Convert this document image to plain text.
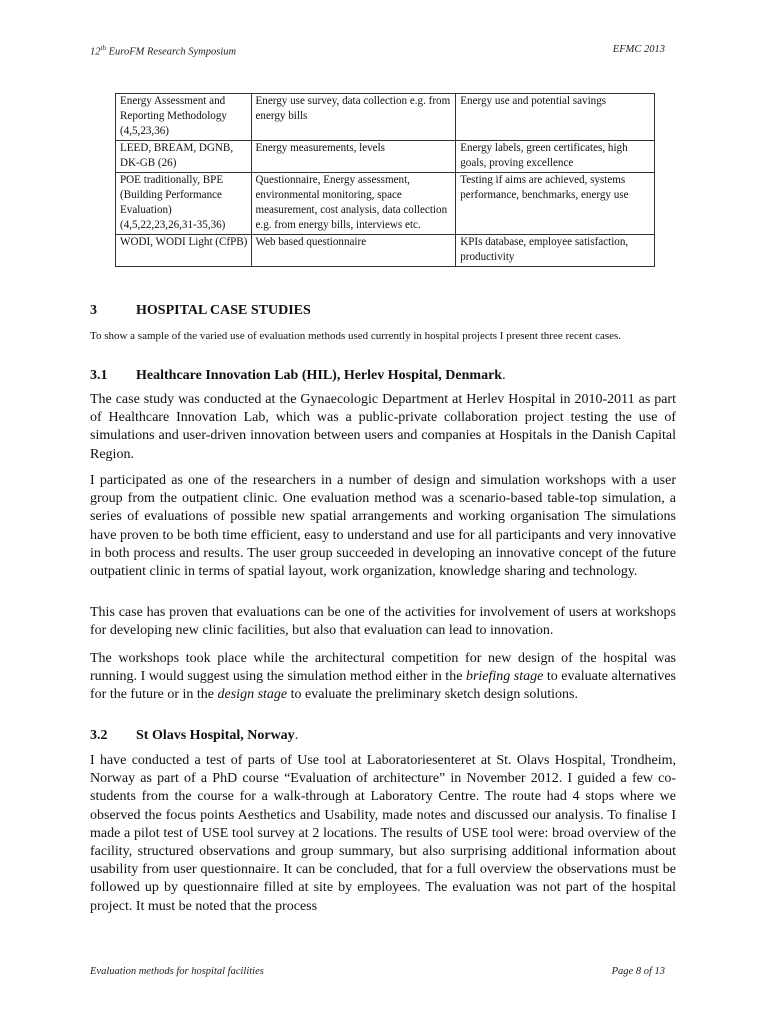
12th EuroFM Research Symposium	EFMC 2013
Energy Assessment and Reporting Methodology (4,5,23,36)	Energy use survey, data collection e.g. from energy bills	Energy use and potential savings
LEED, BREAM, DGNB, DK-GB (26)	Energy measurements, levels	Energy labels, green certificates, high goals, proving excellence
POE traditionally, BPE (Building Performance Evaluation) (4,5,22,23,26,31-35,36)	Questionnaire, Energy assessment, environmental monitoring, space measurement, cost analysis, data collection e.g. from energy bills, interviews etc.	Testing if aims are achieved, systems performance, benchmarks, energy use
WODI, WODI Light (CfPB)	Web based questionnaire	KPIs database, employee satisfaction, productivity
3	HOSPITAL CASE STUDIES
To show a sample of the varied use of evaluation methods used currently in hospital projects I present three recent cases.
3.1 Healthcare Innovation Lab (HIL), Herlev Hospital, Denmark.
The case study was conducted at the Gynaecologic Department at Herlev Hospital in 2010-2011 as part of Healthcare Innovation Lab, which was a public-private collaboration project testing the use of simulations and user-driven innovation between users and companies at Hospitals in the Danish Capital Region.
I participated as one of the researchers in a number of design and simulation workshops with a user group from the outpatient clinic. One evaluation method was a scenario-based table-top simulation, a series of evaluations of possible new spatial arrangements and working organisation The simulations have proven to be both time efficient, easy to understand and use for all participants and very innovative in both process and results. The user group succeeded in developing an innovative concept of the future outpatient clinic in terms of spatial layout, work organization, knowledge sharing and technology.
This case has proven that evaluations can be one of the activities for involvement of users at workshops for developing new clinic facilities, but also that evaluation can lead to innovation.
The workshops took place while the architectural competition for new design of the hospital was running. I would suggest using the simulation method either in the briefing stage to evaluate alternatives for the future or in the design stage to evaluate the preliminary sketch design solutions.
3.2 St Olavs Hospital, Norway.
I have conducted a test of parts of Use tool at Laboratoriesenteret at St. Olavs Hospital, Trondheim, Norway as part of a PhD course “Evaluation of architecture” in November 2012. I guided a few co-students from the course for a walk-through at Laboratory Centre. The route had 4 stops where we observed the focus points Aesthetics and Usability, made notes and discussed our analysis. To finalise I made a pilot test of USE tool survey at 2 locations. The results of USE tool were: broad overview of the facility, structured observations and group summary, but also surprising additional information about usability from user questionnaire. It can be concluded, that for a full overview the observations must be followed up by questionnaire filled at site by employees. The evaluation was not part of the hospital project. It must be noted that the process
Evaluation methods for hospital facilities	Page 8 of 13
